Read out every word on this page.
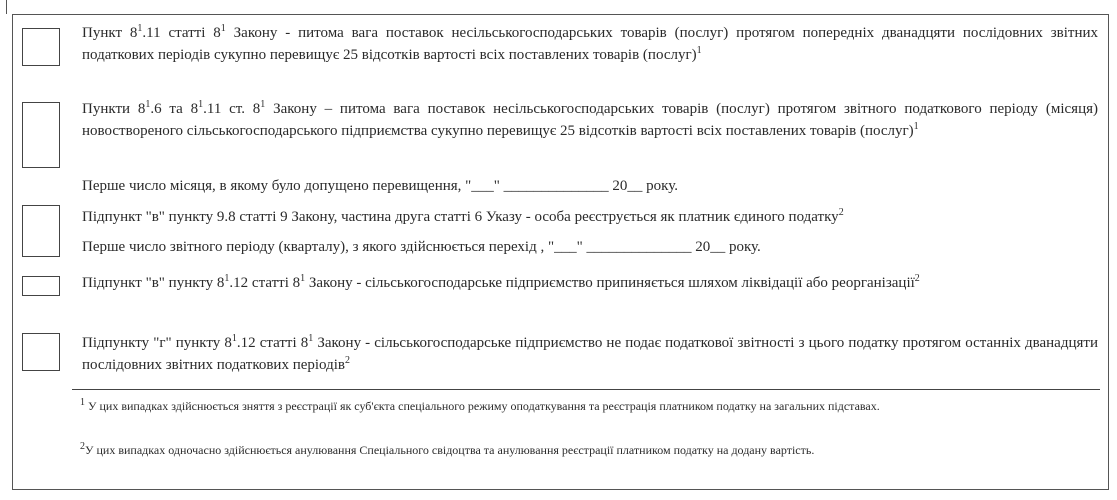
Пункт $8^1.11$ статті $8^1$ Закону - питома вага поставок несільськогосподарських товарів (послуг) протягом попередніх дванадцяти послідовних звітних податкових періодів сукупно перевищує 25 відсотків вартості всіх поставлених товарів (послуг)$^1$
Пункти $8^1.6$ та $8^1.11$ ст. $8^1$ Закону – питома вага поставок несільськогосподарських товарів (послуг) протягом звітного податкового періоду (місяця) новоствореного сільськогосподарського підприємства сукупно перевищує 25 відсотків вартості всіх поставлених товарів (послуг)$^1$
Перше число місяця, в якому було допущено перевищення, "___" ______________ 20__ року.
Підпункт "в" пункту 9.8 статті 9 Закону, частина друга статті 6 Указу - особа реєструється як платник єдиного податку$^2$
Перше число звітного періоду (кварталу), з якого здійснюється перехід , "___" ______________ 20__ року.
Підпункт "в" пункту $8^1.12$ статті $8^1$ Закону - сільськогосподарське підприємство припиняється шляхом ліквідації або реорганізації$^2$
Підпункту "г" пункту $8^1.12$ статті $8^1$ Закону - сільськогосподарське підприємство не подає податкової звітності з цього податку протягом останніх дванадцяти послідовних звітних податкових періодів$^2$
$^1$ У цих випадках здійснюється зняття з реєстрації як суб'єкта спеціального режиму оподаткування та реєстрація платником податку на загальних підставах.
$^2$У цих випадках одночасно здійснюється анулювання Спеціального свідоцтва та анулювання реєстрації платником податку на додану вартість.
